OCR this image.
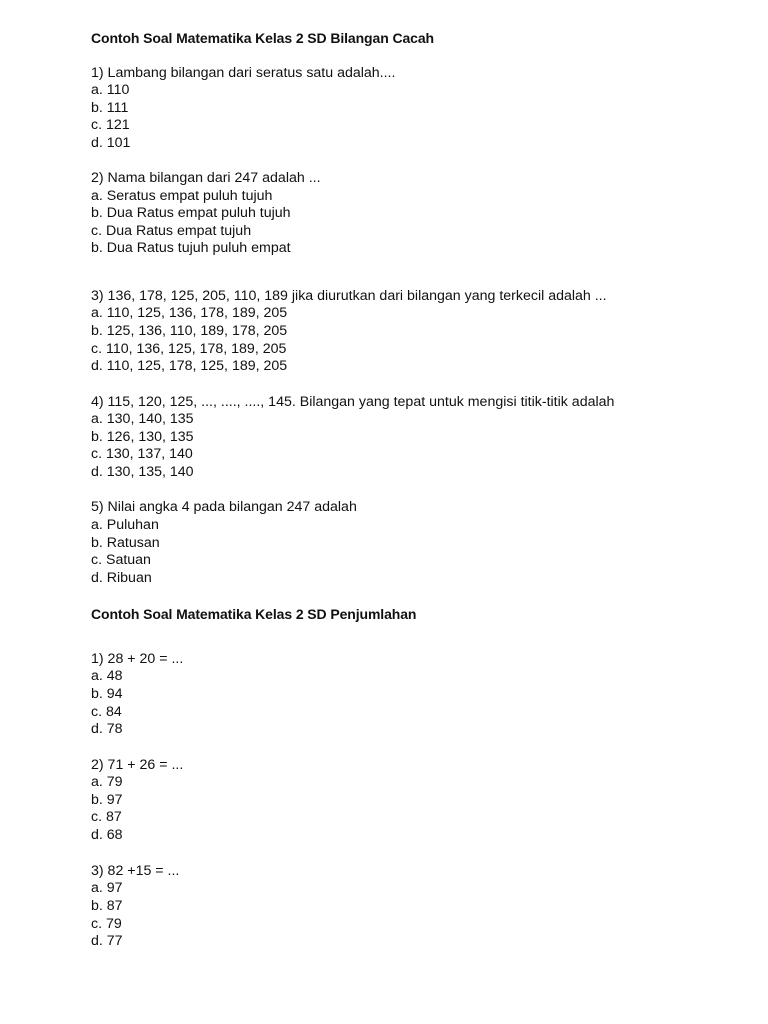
Contoh Soal Matematika Kelas 2 SD Bilangan Cacah
1) Lambang bilangan dari seratus satu adalah....
a. 110
b. 111
c. 121
d. 101
2) Nama bilangan dari 247 adalah ...
a. Seratus empat puluh tujuh
b. Dua Ratus empat puluh tujuh
c. Dua Ratus empat tujuh
b. Dua Ratus tujuh puluh empat
3) 136, 178, 125, 205, 110, 189 jika diurutkan dari bilangan yang terkecil adalah ...
a. 110, 125, 136, 178, 189, 205
b. 125, 136, 110, 189, 178, 205
c. 110, 136, 125, 178, 189, 205
d. 110, 125, 178, 125, 189, 205
4) 115, 120, 125, ..., ...., ...., 145. Bilangan yang tepat untuk mengisi titik-titik adalah
a. 130, 140, 135
b. 126, 130, 135
c. 130, 137, 140
d. 130, 135, 140
5) Nilai angka 4 pada bilangan 247 adalah
a. Puluhan
b. Ratusan
c. Satuan
d. Ribuan
Contoh Soal Matematika Kelas 2 SD Penjumlahan
1) 28 + 20 = ...
a. 48
b. 94
c. 84
d. 78
2) 71 + 26 = ...
a. 79
b. 97
c. 87
d. 68
3) 82 +15 = ...
a. 97
b. 87
c. 79
d. 77
